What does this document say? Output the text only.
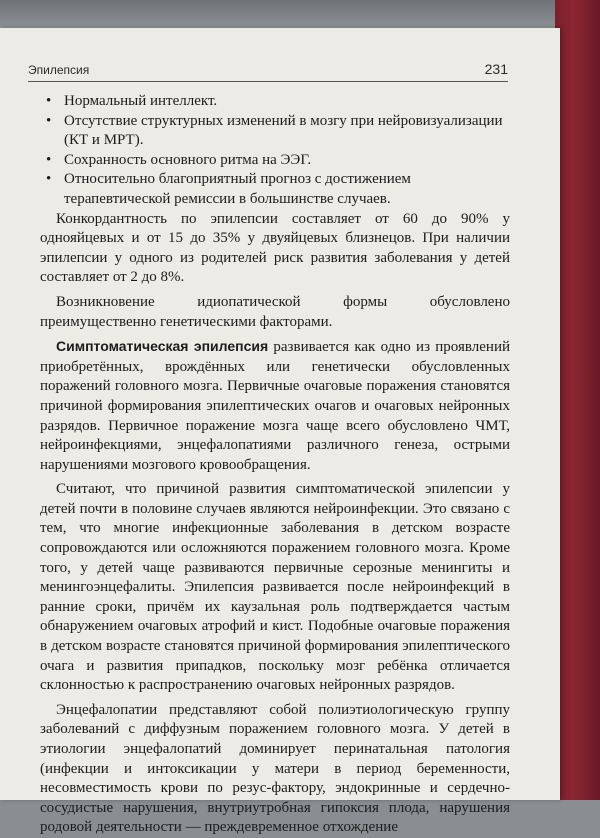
Эпилепсия	231
• Нормальный интеллект.
• Отсутствие структурных изменений в мозгу при нейровизуализации (КТ и МРТ).
• Сохранность основного ритма на ЭЭГ.
• Относительно благоприятный прогноз с достижением терапевтической ремиссии в большинстве случаев.

Конкордантность по эпилепсии составляет от 60 до 90% у однояйцевых и от 15 до 35% у двуяйцевых близнецов. При наличии эпилепсии у одного из родителей риск развития заболевания у детей составляет от 2 до 8%.

Возникновение идиопатической формы обусловлено преимущественно генетическими факторами.

Симптоматическая эпилепсия развивается как одно из проявлений приобретённых, врождённых или генетически обусловленных поражений головного мозга. Первичные очаговые поражения становятся причиной формирования эпилептических очагов и очаговых нейронных разрядов. Первичное поражение мозга чаще всего обусловлено ЧМТ, нейроинфекциями, энцефалопатиями различного генеза, острыми нарушениями мозгового кровообращения.

Считают, что причиной развития симптоматической эпилепсии у детей почти в половине случаев являются нейроинфекции. Это связано с тем, что многие инфекционные заболевания в детском возрасте сопровождаются или осложняются поражением головного мозга. Кроме того, у детей чаще развиваются первичные серозные менингиты и менингоэнцефалиты. Эпилепсия развивается после нейроинфекций в ранние сроки, причём их каузальная роль подтверждается частым обнаружением очаговых атрофий и кист. Подобные очаговые поражения в детском возрасте становятся причиной формирования эпилептического очага и развития припадков, поскольку мозг ребёнка отличается склонностью к распространению очаговых нейронных разрядов.

Энцефалопатии представляют собой полиэтиологическую группу заболеваний с диффузным поражением головного мозга. У детей в этиологии энцефалопатий доминирует перинатальная патология (инфекции и интоксикации у матери в период беременности, несовместимость крови по резус-фактору, эндокринные и сердечно-сосудистые нарушения, внутриутробная гипоксия плода, нарушения родовой деятельности — преждевременное отхождение
